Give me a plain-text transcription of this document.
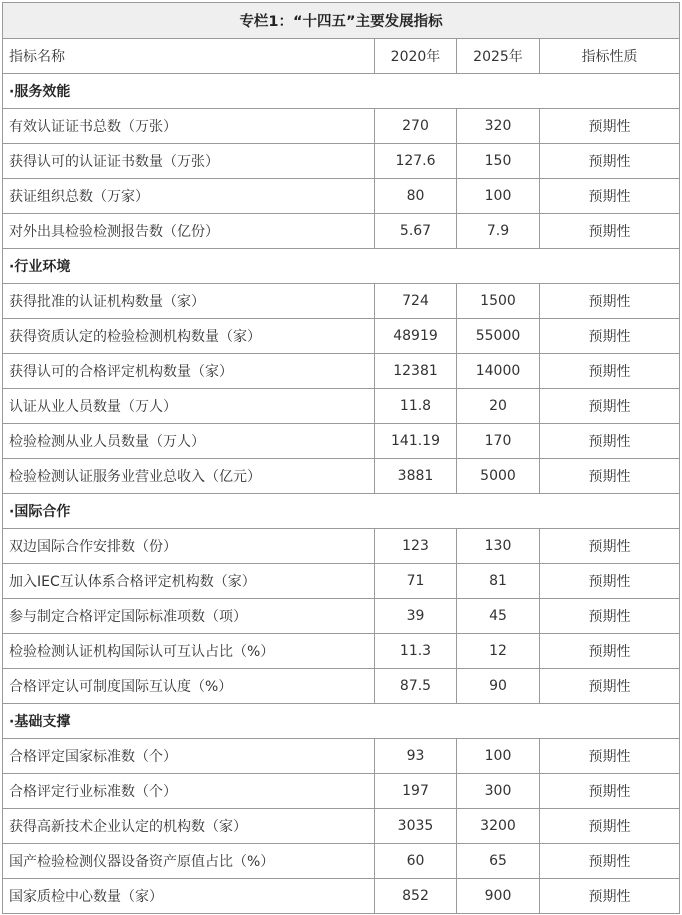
专栏1：“十四五”主要发展指标			
指标名称	2020年	2025年	指标性质
·服务效能			
有效认证证书总数（万张）	270	320	预期性
获得认可的认证证书数量（万张）	127.6	150	预期性
获证组织总数（万家）	80	100	预期性
对外出具检验检测报告数（亿份）	5.67	7.9	预期性
·行业环境			
获得批准的认证机构数量（家）	724	1500	预期性
获得资质认定的检验检测机构数量（家）	48919	55000	预期性
获得认可的合格评定机构数量（家）	12381	14000	预期性
认证从业人员数量（万人）	11.8	20	预期性
检验检测从业人员数量（万人）	141.19	170	预期性
检验检测认证服务业营业总收入（亿元）	3881	5000	预期性
·国际合作			
双边国际合作安排数（份）	123	130	预期性
加入IEC互认体系合格评定机构数（家）	71	81	预期性
参与制定合格评定国际标准项数（项）	39	45	预期性
检验检测认证机构国际认可互认占比（%）	11.3	12	预期性
合格评定认可制度国际互认度（%）	87.5	90	预期性
·基础支撑			
合格评定国家标准数（个）	93	100	预期性
合格评定行业标准数（个）	197	300	预期性
获得高新技术企业认定的机构数（家）	3035	3200	预期性
国产检验检测仪器设备资产原值占比（%）	60	65	预期性
国家质检中心数量（家）	852	900	预期性
